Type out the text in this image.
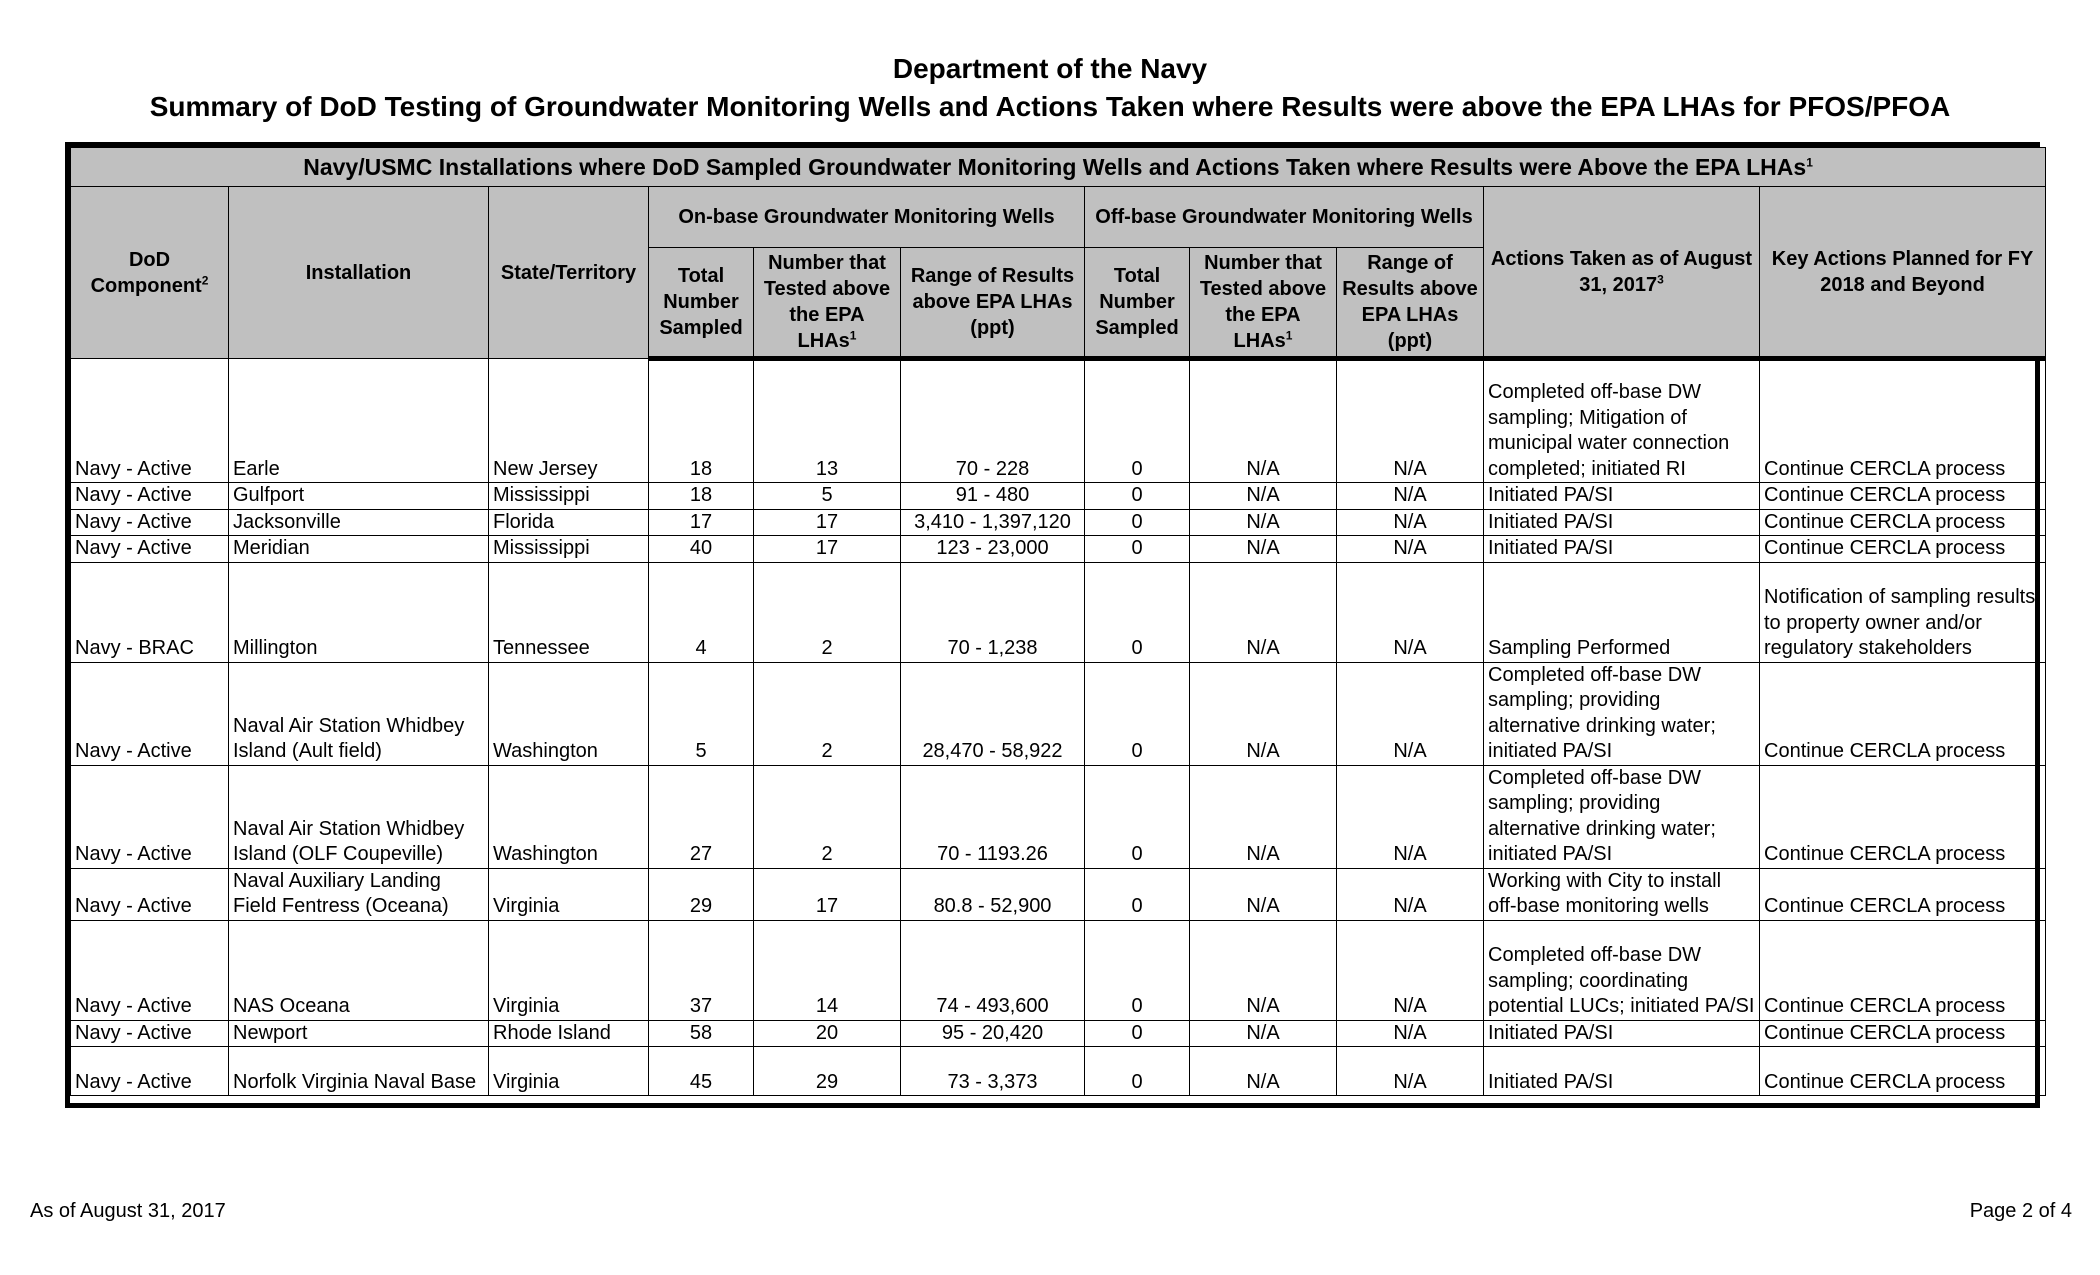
Department of the Navy
Summary of DoD Testing of Groundwater Monitoring Wells and Actions Taken where Results were above the EPA LHAs for PFOS/PFOA
Navy/USMC Installations where DoD Sampled Groundwater Monitoring Wells and Actions Taken where Results were Above the EPA LHAs$^1$
DoD Component$^2$	Installation	State/Territory	On-base Groundwater Monitoring Wells			Off-base Groundwater Monitoring Wells			Actions Taken as of August 31, 2017$^3$	Key Actions Planned for FY 2018 and Beyond
			Total Number Sampled	Number that Tested above the EPA LHAs$^1$	Range of Results above EPA LHAs (ppt)	Total Number Sampled	Number that Tested above the EPA LHAs$^1$	Range of Results above EPA LHAs (ppt)		
Navy - Active	Earle	New Jersey	18	13	70 - 228	0	N/A	N/A	Completed off-base DW sampling; Mitigation of municipal water connection completed; initiated RI	Continue CERCLA process
Navy - Active	Gulfport	Mississippi	18	5	91 - 480	0	N/A	N/A	Initiated PA/SI	Continue CERCLA process
Navy - Active	Jacksonville	Florida	17	17	3,410 - 1,397,120	0	N/A	N/A	Initiated PA/SI	Continue CERCLA process
Navy - Active	Meridian	Mississippi	40	17	123 - 23,000	0	N/A	N/A	Initiated PA/SI	Continue CERCLA process
Navy - BRAC	Millington	Tennessee	4	2	70 - 1,238	0	N/A	N/A	Sampling Performed	Notification of sampling results to property owner and/or regulatory stakeholders
Navy - Active	Naval Air Station Whidbey Island (Ault field)	Washington	5	2	28,470 - 58,922	0	N/A	N/A	Completed off-base DW sampling; providing alternative drinking water; initiated PA/SI	Continue CERCLA process
Navy - Active	Naval Air Station Whidbey Island (OLF Coupeville)	Washington	27	2	70 - 1193.26	0	N/A	N/A	Completed off-base DW sampling; providing alternative drinking water; initiated PA/SI	Continue CERCLA process
Navy - Active	Naval Auxiliary Landing Field Fentress (Oceana)	Virginia	29	17	80.8 - 52,900	0	N/A	N/A	Working with City to install off-base monitoring wells	Continue CERCLA process
Navy - Active	NAS Oceana	Virginia	37	14	74 - 493,600	0	N/A	N/A	Completed off-base DW sampling; coordinating potential LUCs; initiated PA/SI	Continue CERCLA process
Navy - Active	Newport	Rhode Island	58	20	95 - 20,420	0	N/A	N/A	Initiated PA/SI	Continue CERCLA process
Navy - Active	Norfolk Virginia Naval Base	Virginia	45	29	73 - 3,373	0	N/A	N/A	Initiated PA/SI	Continue CERCLA process
As of August 31, 2017	Page 2 of 4
